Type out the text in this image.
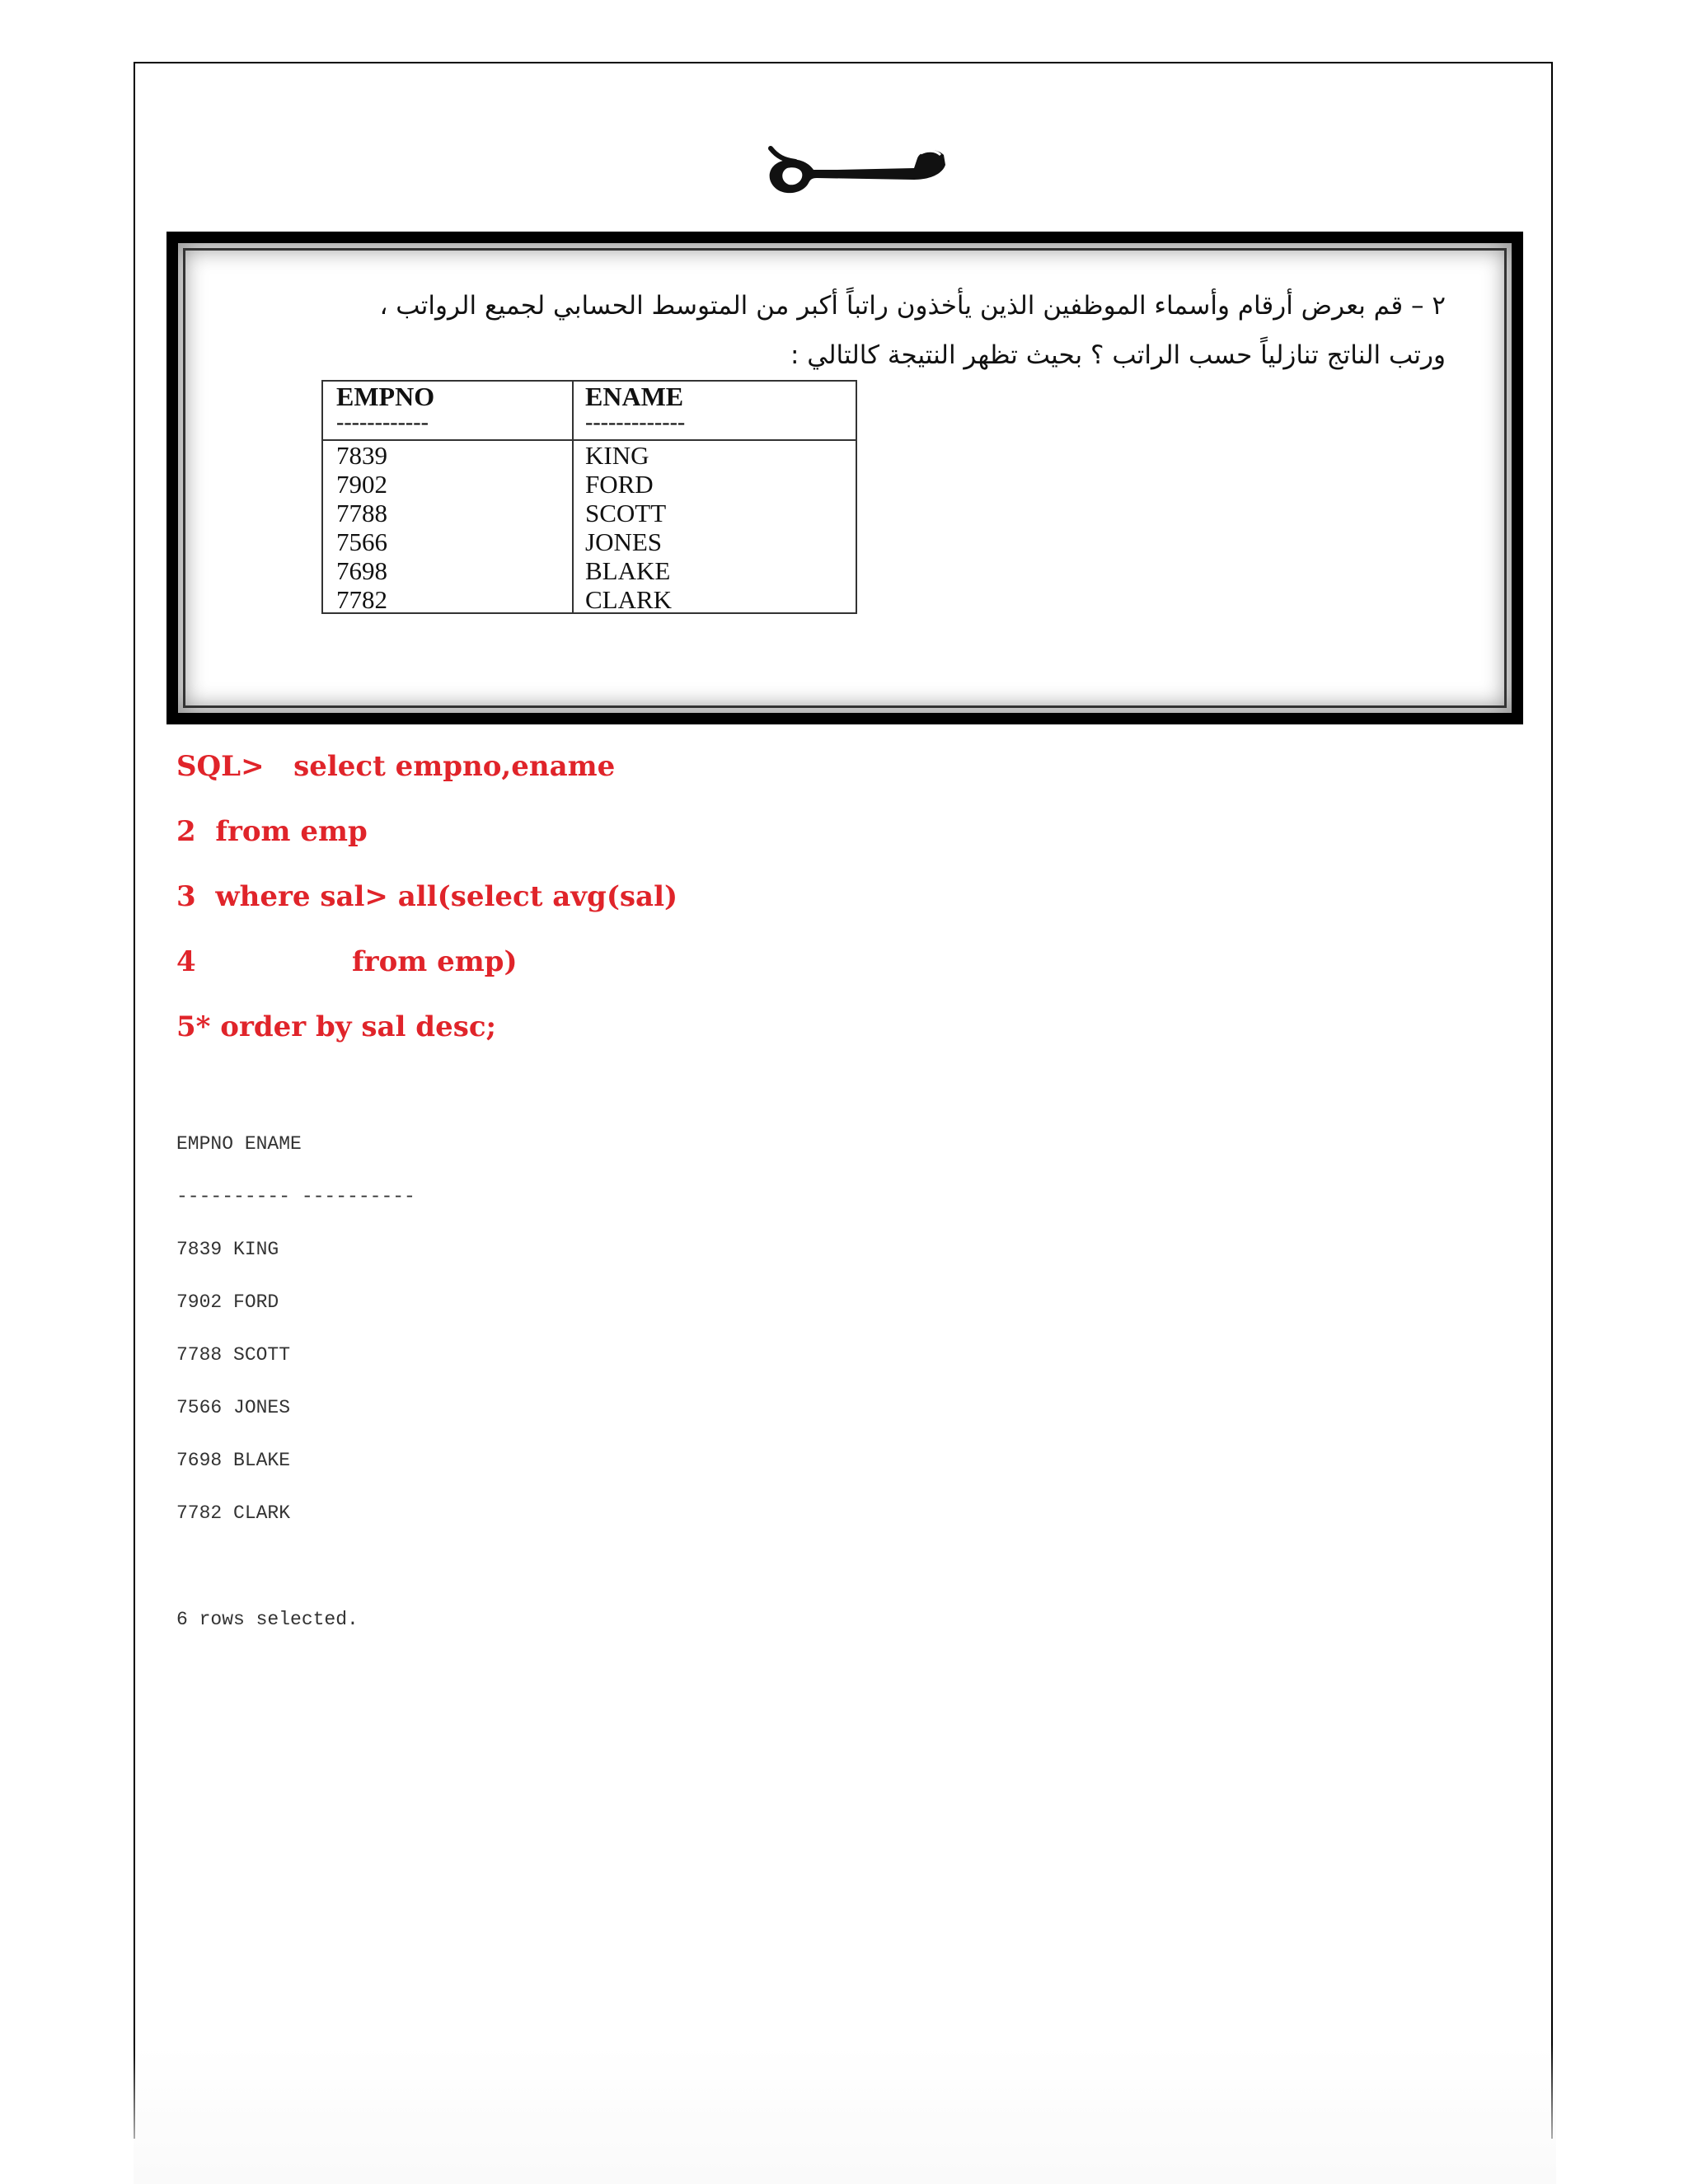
٢ – قم بعرض أرقام وأسماء الموظفين الذين يأخذون راتباً أكبر من المتوسط الحسابي لجميع الرواتب ،
ورتب الناتج تنازلياً حسب الراتب ؟ بحيث تظهر النتيجة كالتالي :
EMPNO	ENAME
------------	-------------
7839	KING
7902	FORD
7788	SCOTT
7566	JONES
7698	BLAKE
7782	CLARK
SQL>   select empno,ename
2  from emp
3  where sal> all(select avg(sal)
4                from emp)
5* order by sal desc;
EMPNO ENAME
---------- ----------
7839 KING
7902 FORD
7788 SCOTT
7566 JONES
7698 BLAKE
7782 CLARK
6 rows selected.
